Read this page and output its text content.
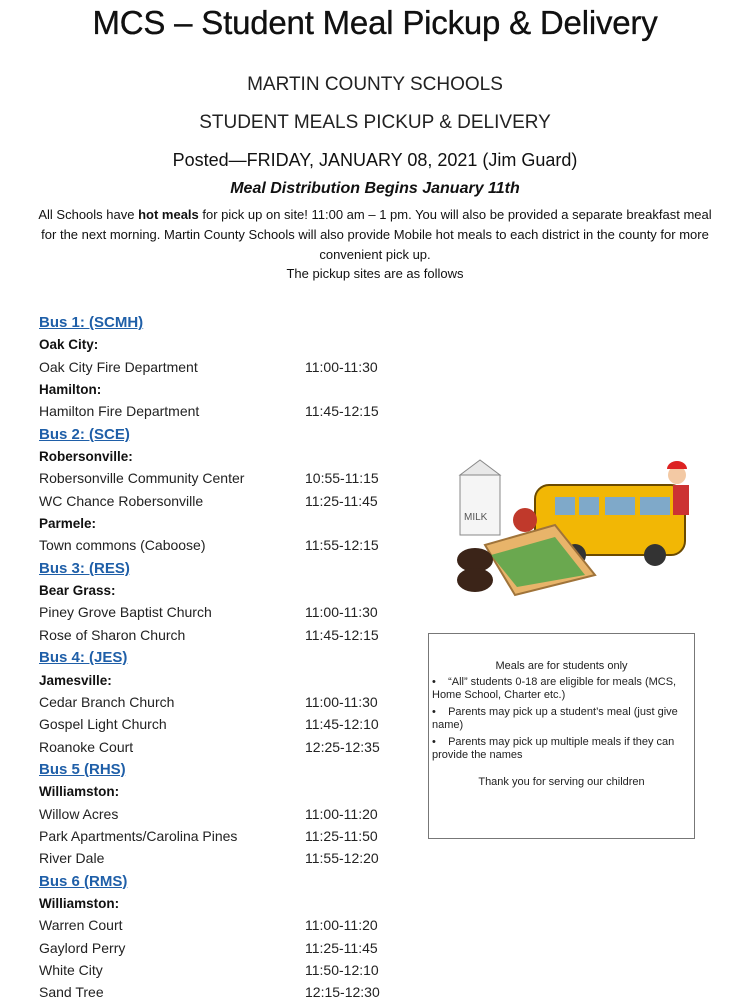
MCS – Student Meal Pickup & Delivery
MARTIN COUNTY SCHOOLS
STUDENT MEALS PICKUP & DELIVERY
Posted—FRIDAY, JANUARY 08, 2021 (Jim Guard)
Meal Distribution Begins January 11th
All Schools have hot meals for pick up on site! 11:00 am – 1 pm. You will also be provided a separate breakfast meal for the next morning. Martin County Schools will also provide Mobile hot meals to each district in the county for more convenient pick up.
The pickup sites are as follows
Bus 1: (SCMH)
Oak City:
Oak City Fire Department	11:00-11:30
Hamilton:
Hamilton Fire Department	11:45-12:15
Bus 2: (SCE)
Robersonville:
Robersonville Community Center	10:55-11:15
WC Chance Robersonville	11:25-11:45
Parmele:
Town commons (Caboose)	11:55-12:15
Bus 3: (RES)
Bear Grass:
Piney Grove Baptist Church	11:00-11:30
Rose of Sharon Church	11:45-12:15
Bus 4: (JES)
Jamesville:
Cedar Branch Church	11:00-11:30
Gospel Light Church	11:45-12:10
Roanoke Court	12:25-12:35
Bus 5 (RHS)
Williamston:
Willow Acres	11:00-11:20
Park Apartments/Carolina Pines	11:25-11:50
River Dale	11:55-12:20
Bus 6 (RMS)
Williamston:
Warren Court	11:00-11:20
Gaylord Perry	11:25-11:45
White City	11:50-12:10
Sand Tree	12:15-12:30
MILK
Meals are for students only
•    “All” students 0-18 are eligible for meals (MCS, Home School, Charter etc.)
•    Parents may pick up a student’s meal (just give name)
•    Parents may pick up multiple meals if they can provide the names
Thank you for serving our children
